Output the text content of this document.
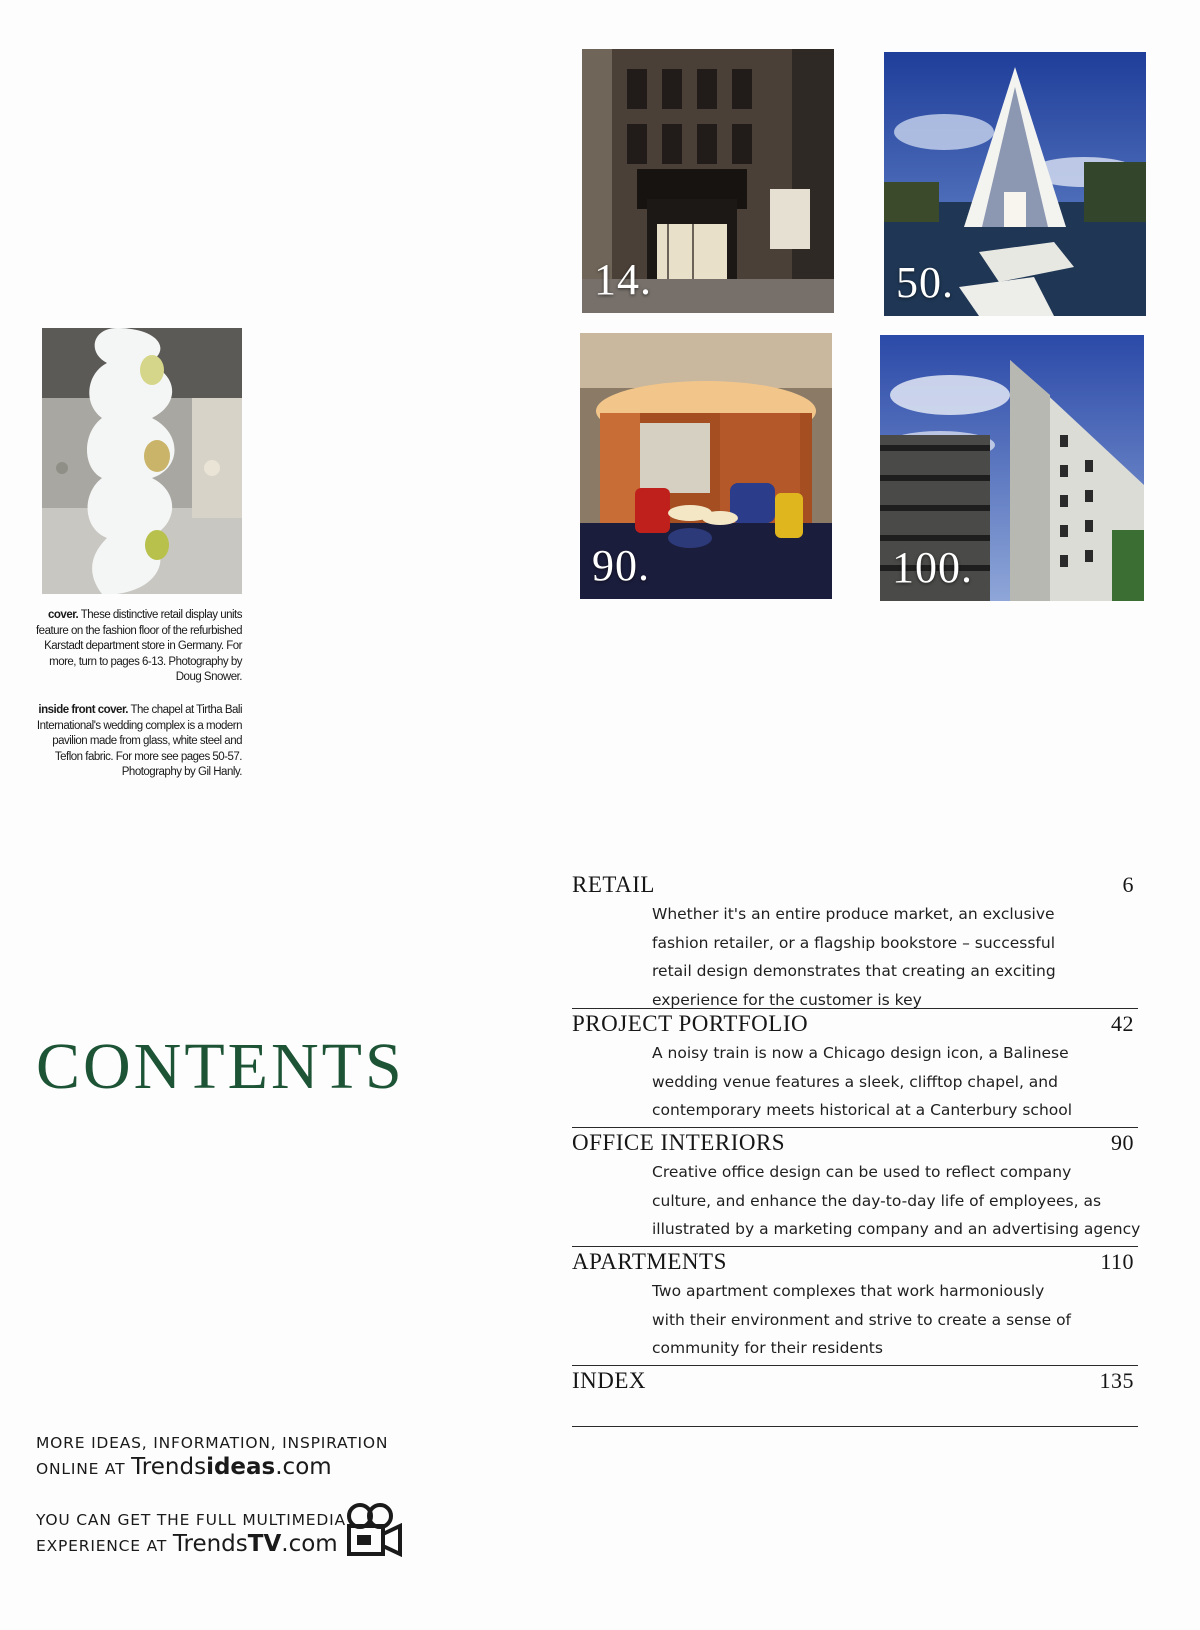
14.	50.
90.	100.
cover. These distinctive retail display units feature on the fashion floor of the refurbished Karstadt department store in Germany. For more, turn to pages 6-13. Photography by Doug Snower.
inside front cover. The chapel at Tirtha Bali International's wedding complex is a modern pavilion made from glass, white steel and Teflon fabric. For more see pages 50-57. Photography by Gil Hanly.
CONTENTS
RETAIL	6
Whether it's an entire produce market, an exclusive
fashion retailer, or a flagship bookstore – successful
retail design demonstrates that creating an exciting
experience for the customer is key
PROJECT PORTFOLIO	42
A noisy train is now a Chicago design icon, a Balinese
wedding venue features a sleek, clifftop chapel, and
contemporary meets historical at a Canterbury school
OFFICE INTERIORS	90
Creative office design can be used to reflect company
culture, and enhance the day-to-day life of employees, as
illustrated by a marketing company and an advertising agency
APARTMENTS	110
Two apartment complexes that work harmoniously
with their environment and strive to create a sense of
community for their residents
INDEX	135
MORE IDEAS, INFORMATION, INSPIRATION
ONLINE AT Trendsideas.com
YOU CAN GET THE FULL MULTIMEDIA
EXPERIENCE AT TrendsTV.com
